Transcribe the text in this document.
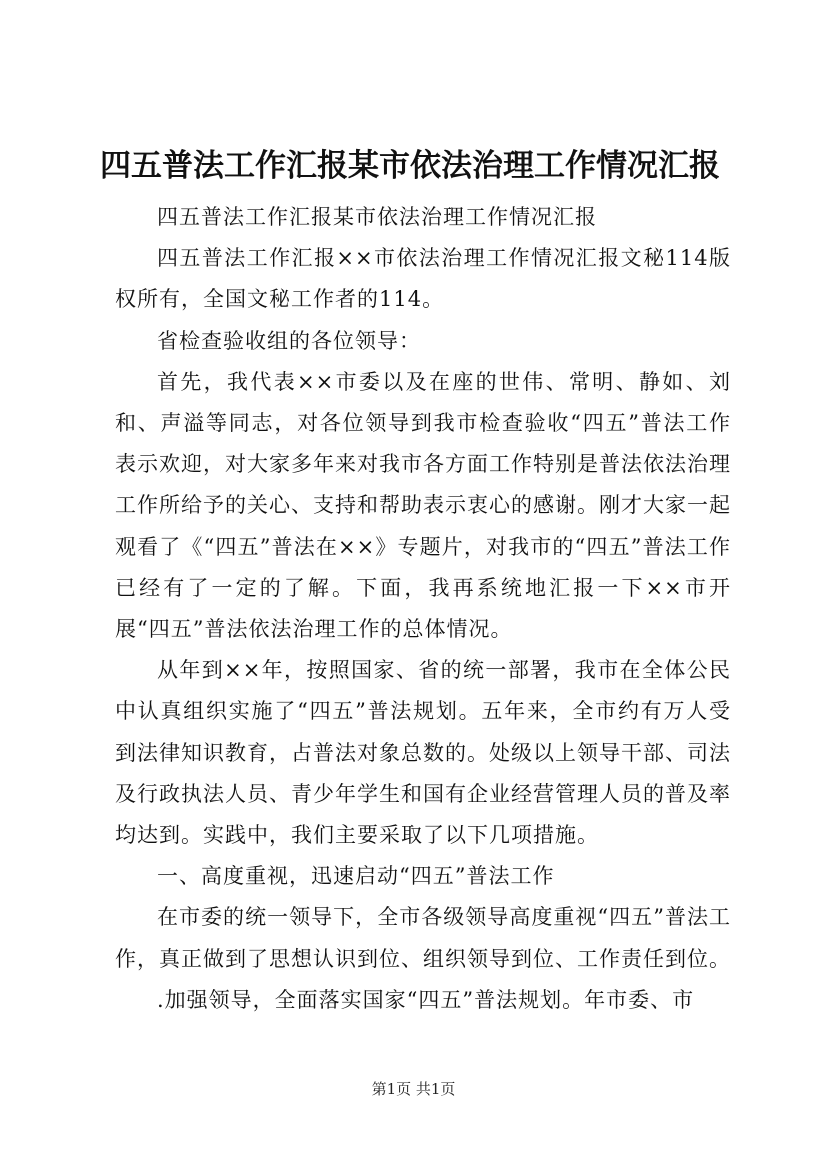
四五普法工作汇报某市依法治理工作情况汇报

四五普法工作汇报某市依法治理工作情况汇报

四五普法工作汇报××市依法治理工作情况汇报文秘114版权所有，全国文秘工作者的114。

省检查验收组的各位领导：

首先，我代表××市委以及在座的世伟、常明、静如、刘和、声溢等同志，对各位领导到我市检查验收“四五”普法工作表示欢迎，对大家多年来对我市各方面工作特别是普法依法治理工作所给予的关心、支持和帮助表示衷心的感谢。刚才大家一起观看了《“四五”普法在××》专题片，对我市的“四五”普法工作已经有了一定的了解。下面，我再系统地汇报一下××市开展“四五”普法依法治理工作的总体情况。

从年到××年，按照国家、省的统一部署，我市在全体公民中认真组织实施了“四五”普法规划。五年来，全市约有万人受到法律知识教育，占普法对象总数的。处级以上领导干部、司法及行政执法人员、青少年学生和国有企业经营管理人员的普及率均达到。实践中，我们主要采取了以下几项措施。

一、高度重视，迅速启动“四五”普法工作

在市委的统一领导下，全市各级领导高度重视“四五”普法工作，真正做到了思想认识到位、组织领导到位、工作责任到位。

.加强领导，全面落实国家“四五”普法规划。年市委、市

第1页 共1页
